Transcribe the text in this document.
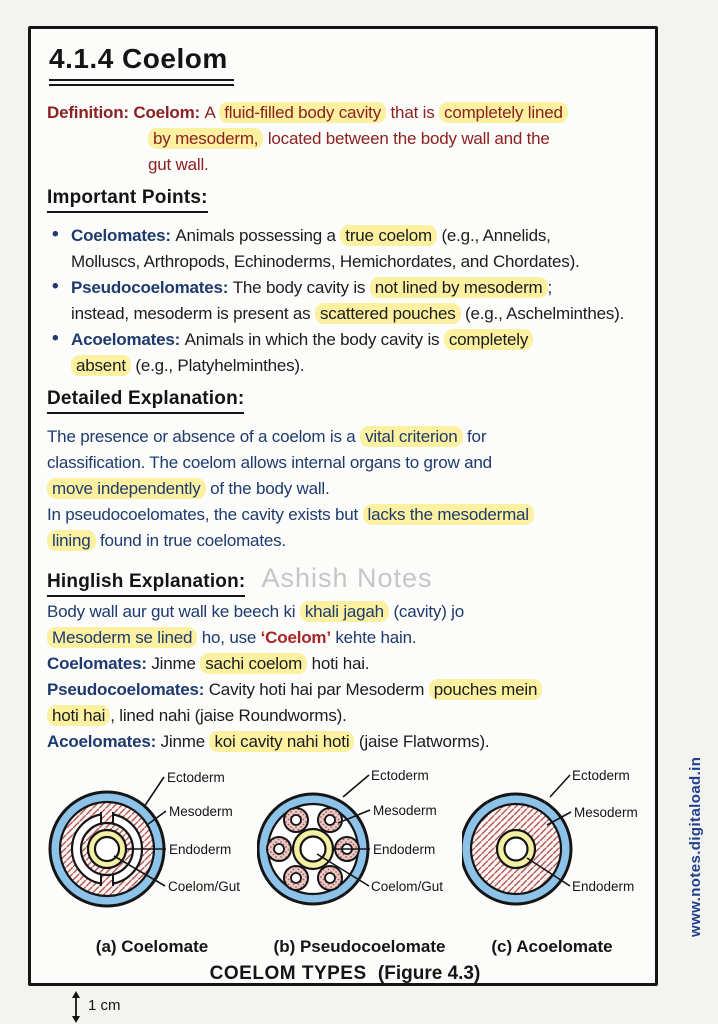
4.1.4 Coelom
Definition: Coelom: A fluid-filled body cavity that is completely lined
by mesoderm, located between the body wall and the
gut wall.
Important Points:
• Coelomates: Animals possessing a true coelom (e.g., Annelids,
Molluscs, Arthropods, Echinoderms, Hemichordates, and Chordates).
• Pseudocoelomates: The body cavity is not lined by mesoderm ;
instead, mesoderm is present as scattered pouches (e.g., Aschelminthes).
• Acoelomates: Animals in which the body cavity is completely
absent (e.g., Platyhelminthes).
Detailed Explanation:
The presence or absence of a coelom is a vital criterion for
classification. The coelom allows internal organs to grow and
move independently of the body wall.
In pseudocoelomates, the cavity exists but lacks the mesodermal
lining found in true coelomates.
Hinglish Explanation: Ashish Notes
Body wall aur gut wall ke beech ki khali jagah (cavity) jo
Mesoderm se lined ho, use ‘Coelom’ kehte hain.
Coelomates: Jinme sachi coelom hoti hai.
Pseudocoelomates: Cavity hoti hai par Mesoderm pouches mein
hoti hai , lined nahi (jaise Roundworms).
Acoelomates: Jinme koi cavity nahi hoti (jaise Flatworms).
Ectoderm
Mesoderm
Endoderm
Coelom/Gut
(a) Coelomate
Ectoderm
Mesoderm
Endoderm
Coelom/Gut
(b) Pseudocoelomate
Ectoderm
Mesoderm
Endoderm
(c) Acoelomate
COELOM TYPES (Figure 4.3)
www.notes.digitaload.in
1 cm
